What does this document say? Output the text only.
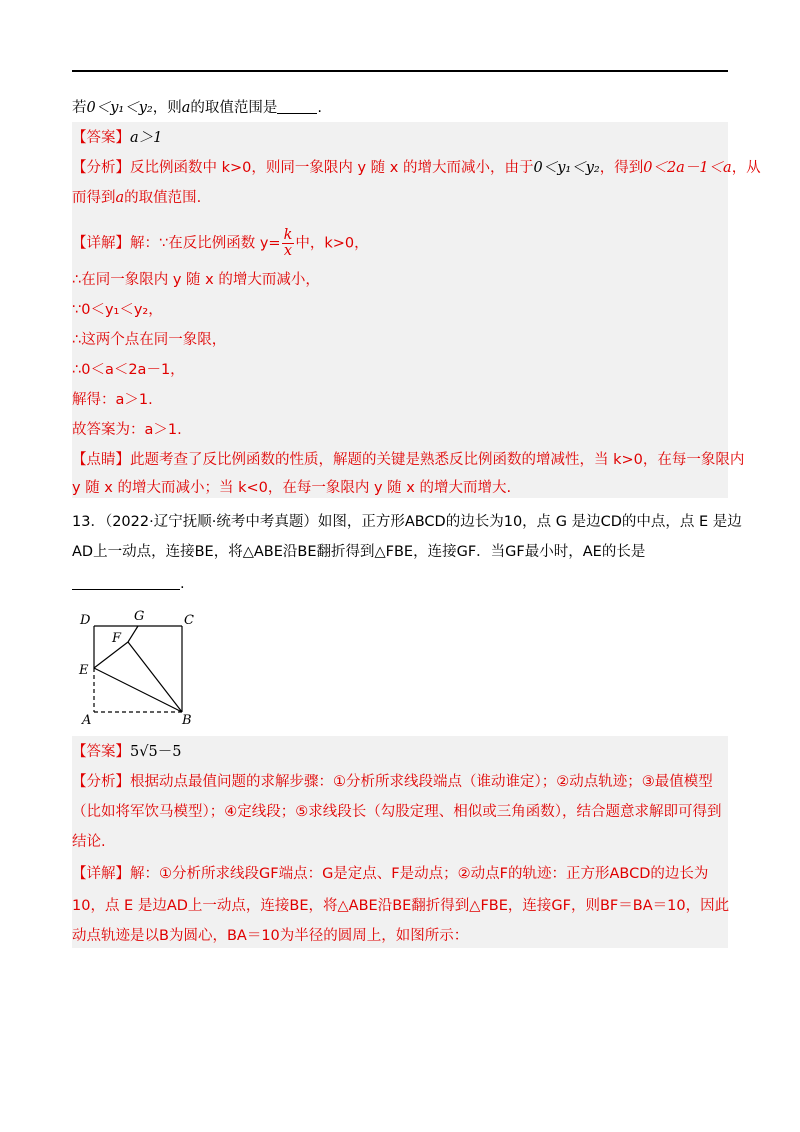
若0＜y₁＜y₂，则a的取值范围是	.
【答案】a＞1
【分析】反比例函数中 k>0，则同一象限内 y 随 x 的增大而减小，由于0＜y₁＜y₂，得到0＜2a－1＜a，从
而得到a的取值范围.
【详解】解：∵在反比例函数 $y= \frac{k}{x}$ 中，k>0，
∴在同一象限内 y 随 x 的增大而减小，
∵0＜y₁＜y₂，
∴这两个点在同一象限，
∴0＜a＜2a－1，
解得：a＞1.
故答案为：a＞1.
【点睛】此题考查了反比例函数的性质，解题的关键是熟悉反比例函数的增减性，当 k>0，在每一象限内
y 随 x 的增大而减小；当 k<0，在每一象限内 y 随 x 的增大而增大.
13．（2022·辽宁抚顺·统考中考真题）如图，正方形ABCD的边长为10，点 G 是边CD的中点，点 E 是边
AD上一动点，连接BE，将△ABE沿BE翻折得到△FBE，连接GF．当GF最小时，AE的长是
.
D	G	C
F
E
A	B
【答案】5√5－5
【分析】根据动点最值问题的求解步骤：①分析所求线段端点（谁动谁定）；②动点轨迹；③最值模型
（比如将军饮马模型）；④定线段；⑤求线段长（勾股定理、相似或三角函数），结合题意求解即可得到
结论.
【详解】解：①分析所求线段GF端点：G是定点、F是动点；②动点F的轨迹：正方形ABCD的边长为
10，点 E 是边AD上一动点，连接BE，将△ABE沿BE翻折得到△FBE，连接GF，则BF＝BA＝10，因此
动点轨迹是以B为圆心，BA＝10为半径的圆周上，如图所示：
